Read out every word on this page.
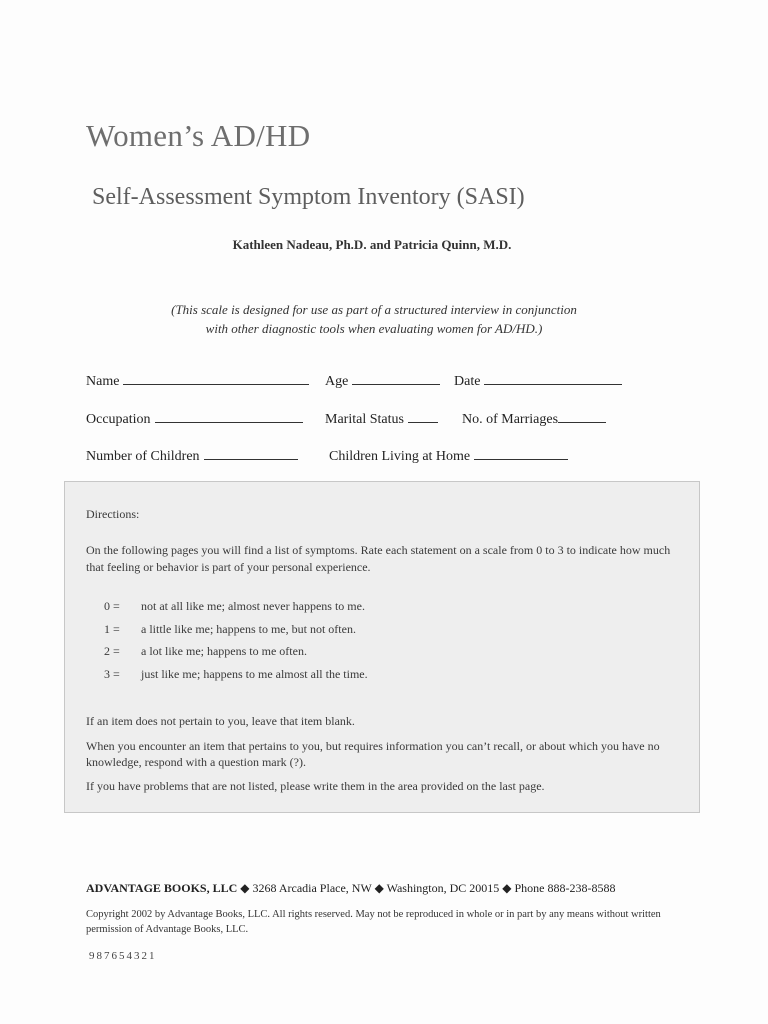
Women’s AD/HD
Self-Assessment Symptom Inventory (SASI)
Kathleen Nadeau, Ph.D. and Patricia Quinn, M.D.
(This scale is designed for use as part of a structured interview in conjunction
with other diagnostic tools when evaluating women for AD/HD.)
Name	Age	Date
Occupation	Marital Status	No. of Marriages
Number of Children	Children Living at Home
Directions:
On the following pages you will find a list of symptoms. Rate each statement on a scale from 0 to 3 to indicate how much that feeling or behavior is part of your personal experience.
0 =	not at all like me; almost never happens to me.
1 =	a little like me; happens to me, but not often.
2 =	a lot like me; happens to me often.
3 =	just like me; happens to me almost all the time.
If an item does not pertain to you, leave that item blank.
When you encounter an item that pertains to you, but requires information you can’t recall, or about which you have no knowledge, respond with a question mark (?).
If you have problems that are not listed, please write them in the area provided on the last page.
ADVANTAGE BOOKS, LLC ◆ 3268 Arcadia Place, NW ◆ Washington, DC 20015 ◆ Phone 888-238-8588
Copyright 2002 by Advantage Books, LLC. All rights reserved. May not be reproduced in whole or in part by any means without written permission of Advantage Books, LLC.
987654321
